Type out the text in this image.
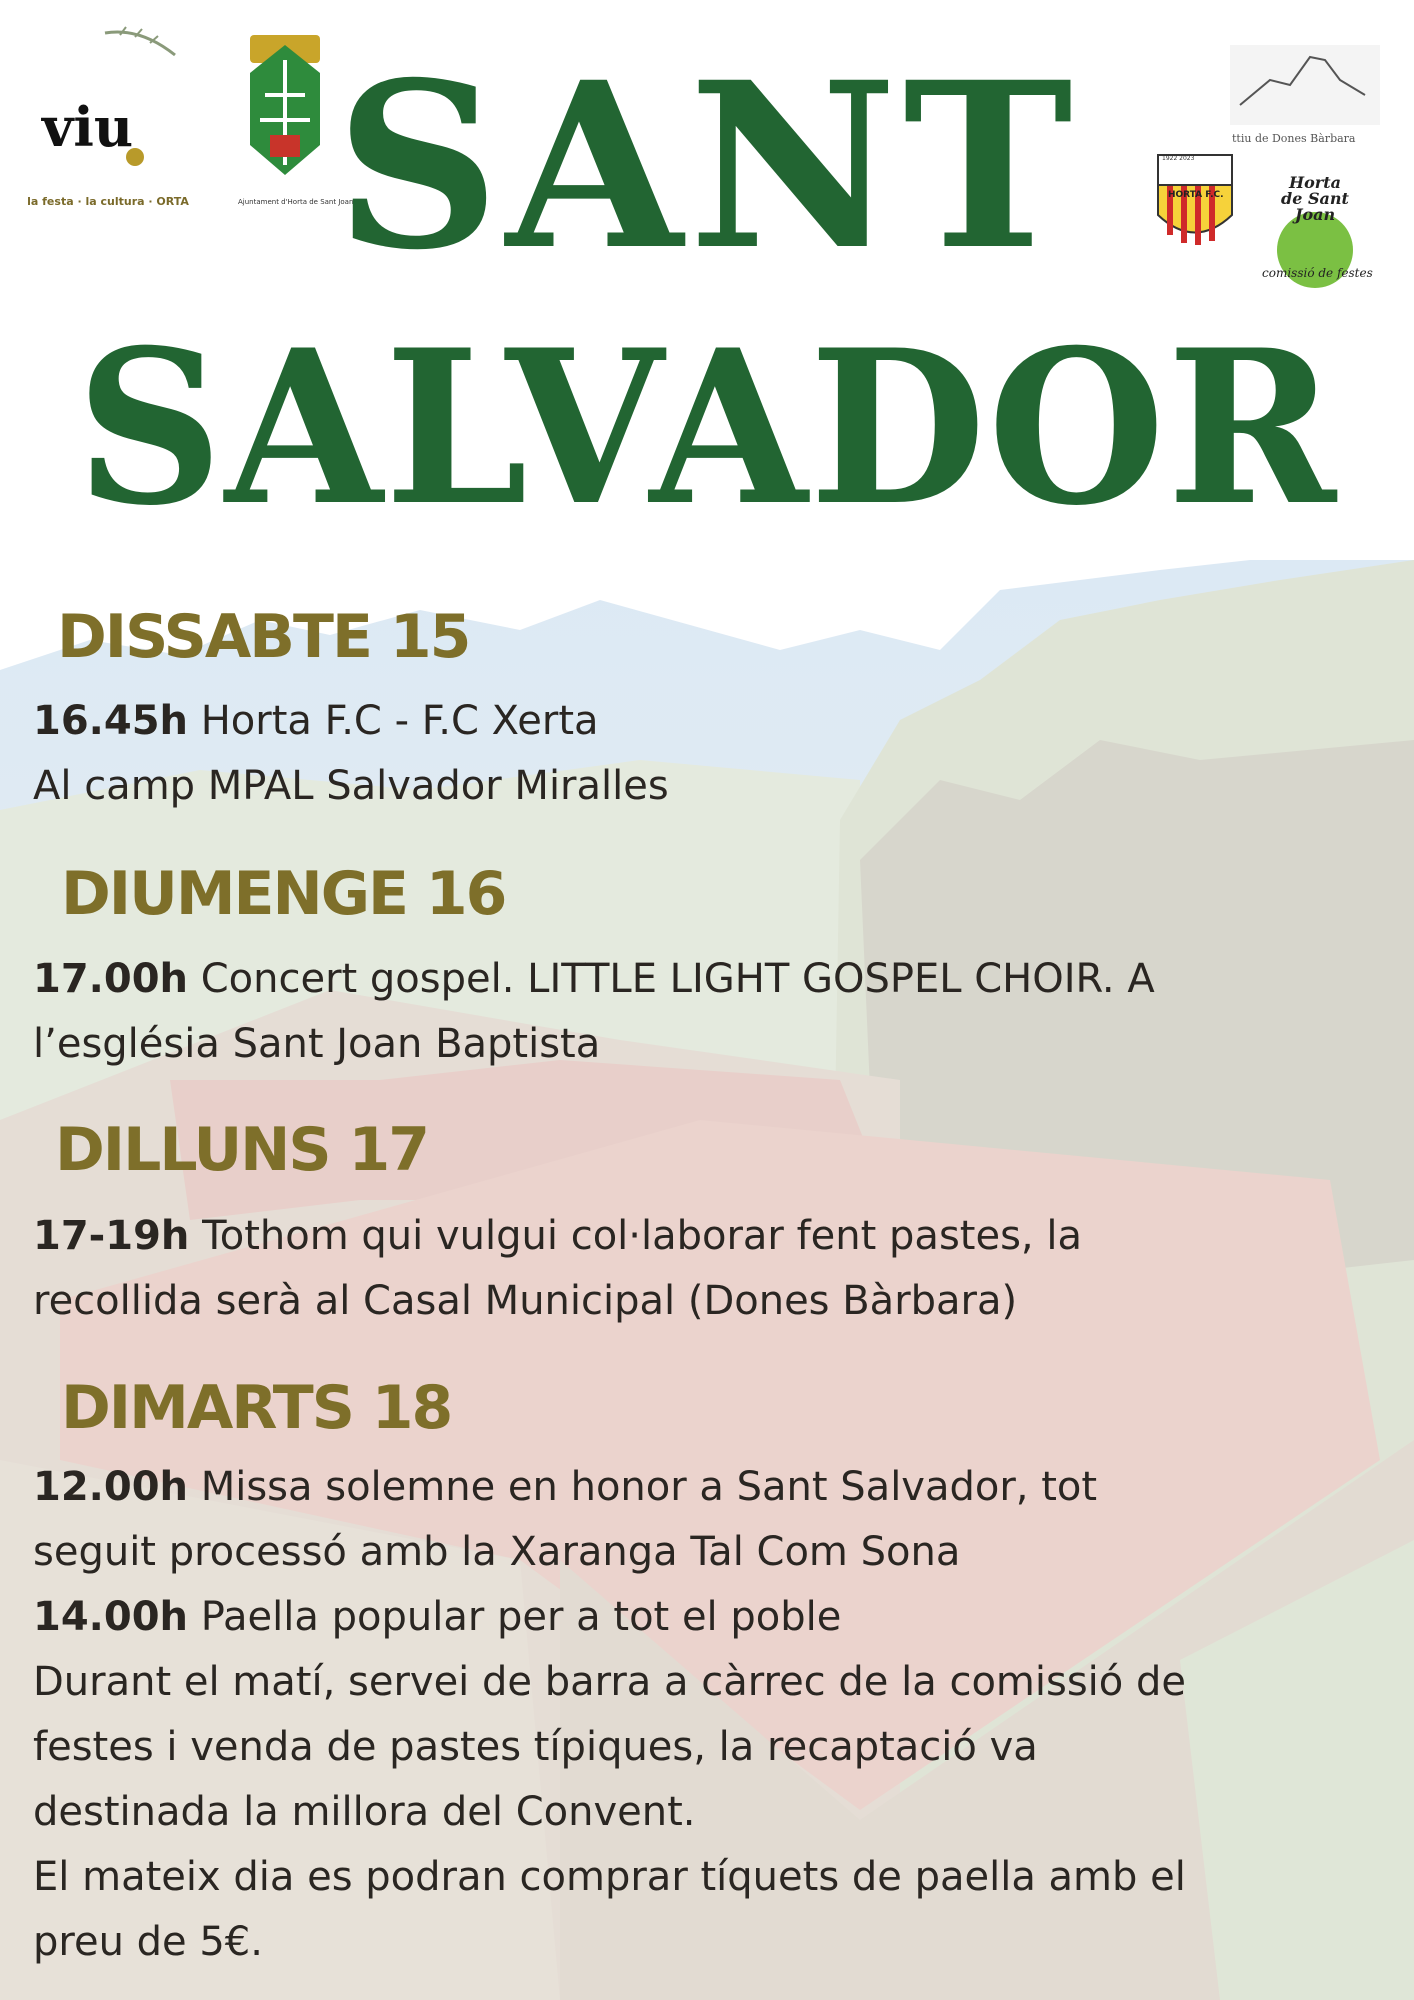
viu
la festa · la cultura · ORTA	Ajuntament d'Horta de Sant Joan
ttiu de Dones Bàrbara
1922 2023
HORTA F.C.
Horta de Sant Joan
comissió de festes
SANT
SALVADOR
DISSABTE 15

16.45h Horta F.C - F.C Xerta

Al camp MPAL Salvador Miralles

DIUMENGE 16

17.00h Concert gospel. LITTLE LIGHT GOSPEL CHOIR. A

l’església Sant Joan Baptista

DILLUNS 17

17-19h Tothom qui vulgui col·laborar fent pastes, la

recollida serà al Casal Municipal (Dones Bàrbara)

DIMARTS 18

12.00h Missa solemne en honor a Sant Salvador, tot

seguit processó amb la Xaranga Tal Com Sona

14.00h Paella popular per a tot el poble

Durant el matí, servei de barra a càrrec de la comissió de

festes i venda de pastes típiques, la recaptació va

destinada la millora del Convent.

El mateix dia es podran comprar tíquets de paella amb el

preu de 5€.
